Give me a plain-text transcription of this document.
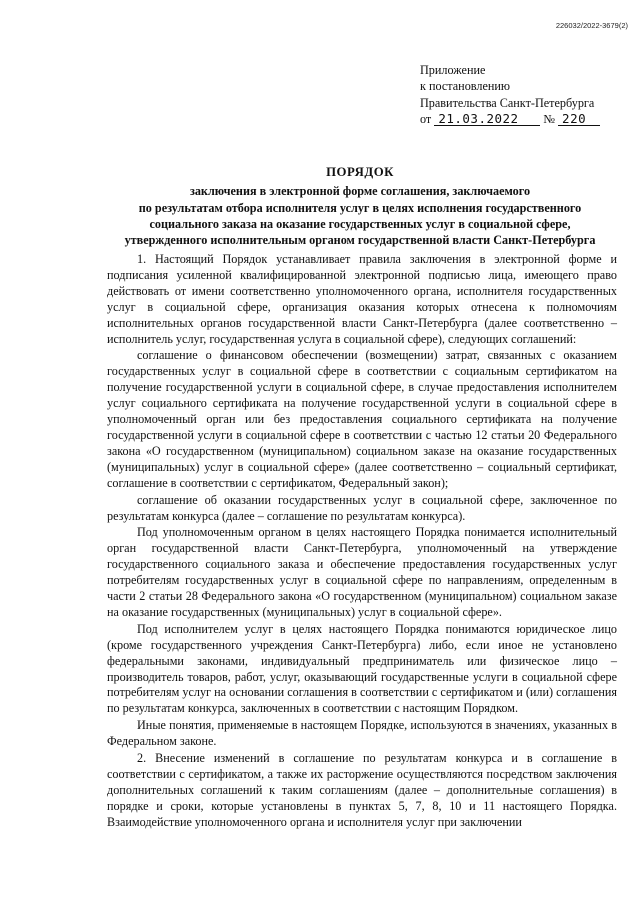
226032/2022-3679(2)
Приложение
к постановлению
Правительства Санкт-Петербурга
от 21.03.2022 № 220
ПОРЯДОК
заключения в электронной форме соглашения, заключаемого
по результатам отбора исполнителя услуг в целях исполнения государственного
социального заказа на оказание государственных услуг в социальной сфере,
утвержденного исполнительным органом государственной власти Санкт-Петербурга

1. Настоящий Порядок устанавливает правила заключения в электронной форме и подписания усиленной квалифицированной электронной подписью лица, имеющего право действовать от имени соответственно уполномоченного органа, исполнителя государственных услуг в социальной сфере, организация оказания которых отнесена к полномочиям исполнительных органов государственной власти Санкт-Петербурга (далее соответственно – исполнитель услуг, государственная услуга в социальной сфере), следующих соглашений:

соглашение о финансовом обеспечении (возмещении) затрат, связанных с оказанием государственных услуг в социальной сфере в соответствии с социальным сертификатом на получение государственной услуги в социальной сфере, в случае предоставления исполнителем услуг социального сертификата на получение государственной услуги в социальной сфере в уполномоченный орган или без предоставления социального сертификата на получение государственной услуги в социальной сфере в соответствии с частью 12 статьи 20 Федерального закона «О государственном (муниципальном) социальном заказе на оказание государственных (муниципальных) услуг в социальной сфере» (далее соответственно – социальный сертификат, соглашение в соответствии с сертификатом, Федеральный закон);

соглашение об оказании государственных услуг в социальной сфере, заключенное по результатам конкурса (далее – соглашение по результатам конкурса).

Под уполномоченным органом в целях настоящего Порядка понимается исполнительный орган государственной власти Санкт-Петербурга, уполномоченный на утверждение государственного социального заказа и обеспечение предоставления государственных услуг потребителям государственных услуг в социальной сфере по направлениям, определенным в части 2 статьи 28 Федерального закона «О государственном (муниципальном) социальном заказе на оказание государственных (муниципальных) услуг в социальной сфере».

Под исполнителем услуг в целях настоящего Порядка понимаются юридическое лицо (кроме государственного учреждения Санкт-Петербурга) либо, если иное не установлено федеральными законами, индивидуальный предприниматель или физическое лицо – производитель товаров, работ, услуг, оказывающий государственные услуги в социальной сфере потребителям услуг на основании соглашения в соответствии с сертификатом и (или) соглашения по результатам конкурса, заключенных в соответствии с настоящим Порядком.

Иные понятия, применяемые в настоящем Порядке, используются в значениях, указанных в Федеральном законе.

2. Внесение изменений в соглашение по результатам конкурса и в соглашение в соответствии с сертификатом, а также их расторжение осуществляются посредством заключения дополнительных соглашений к таким соглашениям (далее – дополнительные соглашения) в порядке и сроки, которые установлены в пунктах 5, 7, 8, 10 и 11 настоящего Порядка. Взаимодействие уполномоченного органа и исполнителя услуг при заключении
